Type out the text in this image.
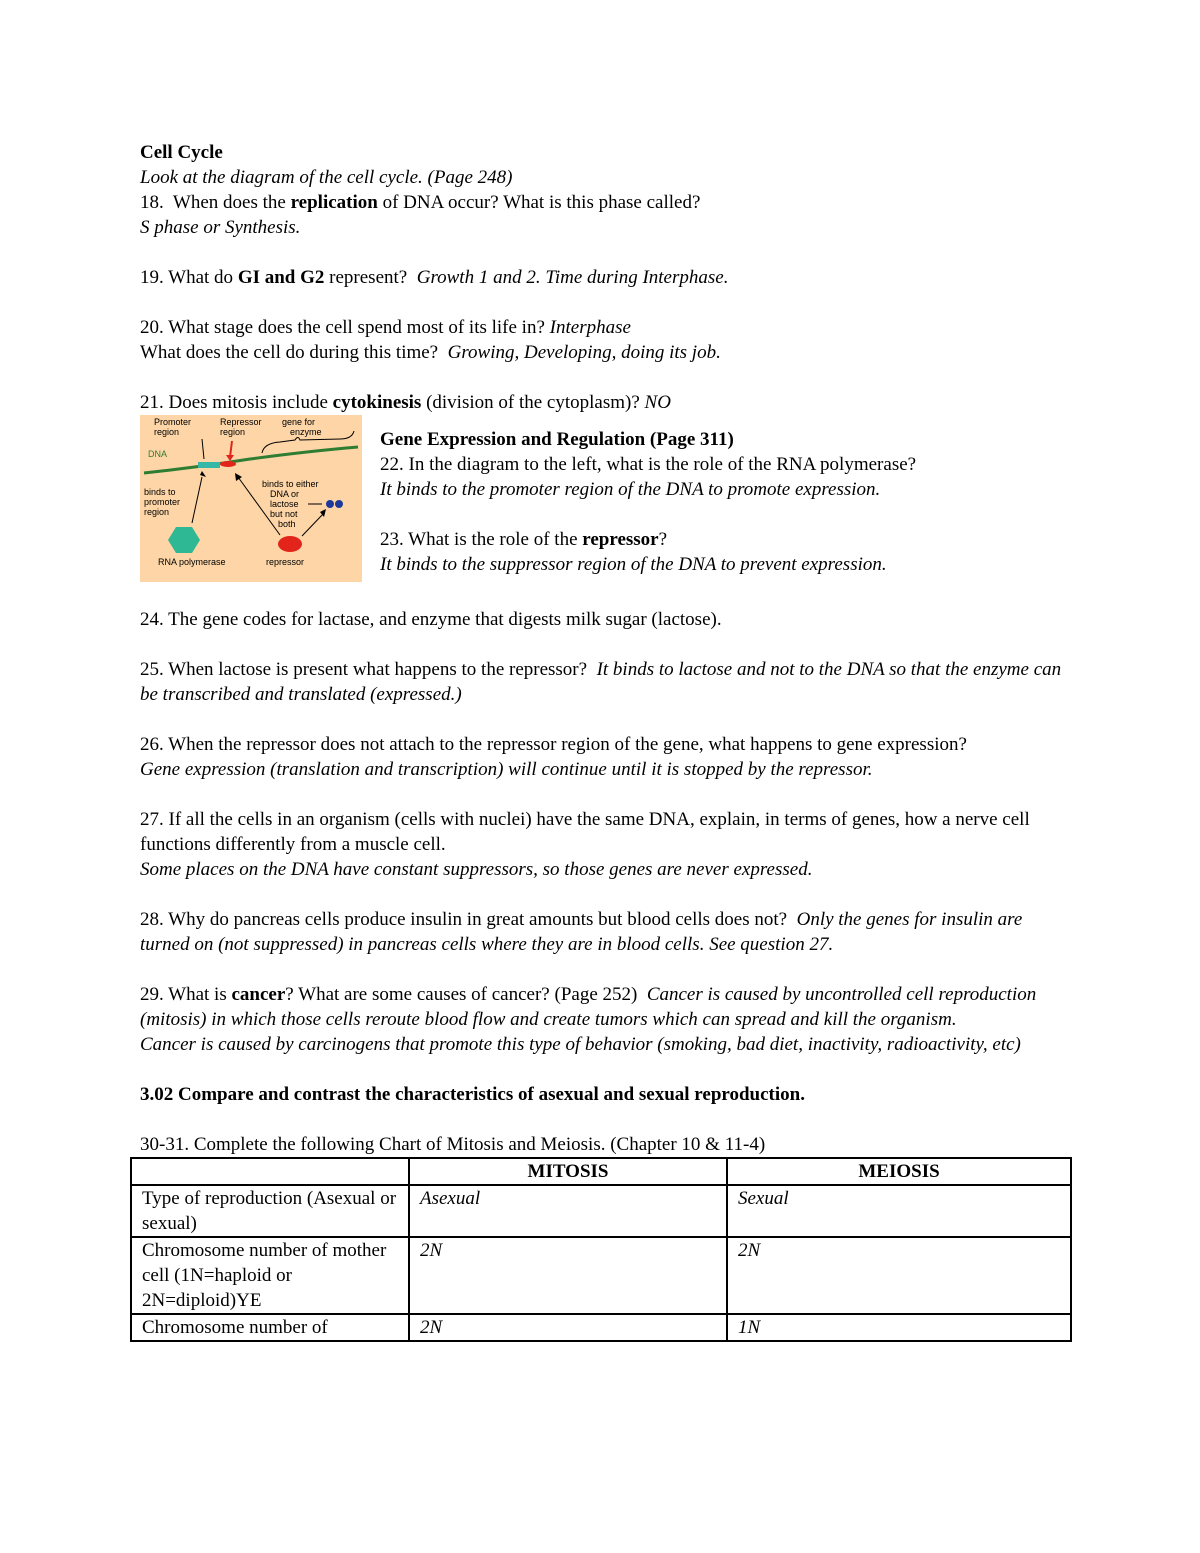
Cell Cycle

Look at the diagram of the cell cycle. (Page 248)

18. When does the replication of DNA occur? What is this phase called?

S phase or Synthesis.

19. What do GI and G2 represent? Growth 1 and 2. Time during Interphase.

20. What stage does the cell spend most of its life in? Interphase

What does the cell do during this time? Growing, Developing, doing its job.

21. Does mitosis include cytokinesis (division of the cytoplasm)? NO

Promoter
region
Repressor
region
gene for
enzyme
DNA
binds to either
DNA or
lactose
but not
both
binds to
promoter
region
RNA polymerase	repressor

Gene Expression and Regulation (Page 311)

22. In the diagram to the left, what is the role of the RNA polymerase?

It binds to the promoter region of the DNA to promote expression.

23. What is the role of the repressor?

It binds to the suppressor region of the DNA to prevent expression.

24. The gene codes for lactase, and enzyme that digests milk sugar (lactose).

25. When lactose is present what happens to the repressor? It binds to lactose and not to the DNA so that the enzyme can be transcribed and translated (expressed.)

26. When the repressor does not attach to the repressor region of the gene, what happens to gene expression?

Gene expression (translation and transcription) will continue until it is stopped by the repressor.

27. If all the cells in an organism (cells with nuclei) have the same DNA, explain, in terms of genes, how a nerve cell functions differently from a muscle cell.

Some places on the DNA have constant suppressors, so those genes are never expressed.

28. Why do pancreas cells produce insulin in great amounts but blood cells does not? Only the genes for insulin are turned on (not suppressed) in pancreas cells where they are in blood cells. See question 27.

29. What is cancer? What are some causes of cancer? (Page 252) Cancer is caused by uncontrolled cell reproduction (mitosis) in which those cells reroute blood flow and create tumors which can spread and kill the organism.

Cancer is caused by carcinogens that promote this type of behavior (smoking, bad diet, inactivity, radioactivity, etc)

3.02 Compare and contrast the characteristics of asexual and sexual reproduction.

30-31. Complete the following Chart of Mitosis and Meiosis. (Chapter 10 & 11-4)

	MITOSIS	MEIOSIS
Type of reproduction (Asexual or sexual)	Asexual	Sexual
Chromosome number of mother cell (1N=haploid or 2N=diploid)YE	2N	2N
Chromosome number of	2N	1N
